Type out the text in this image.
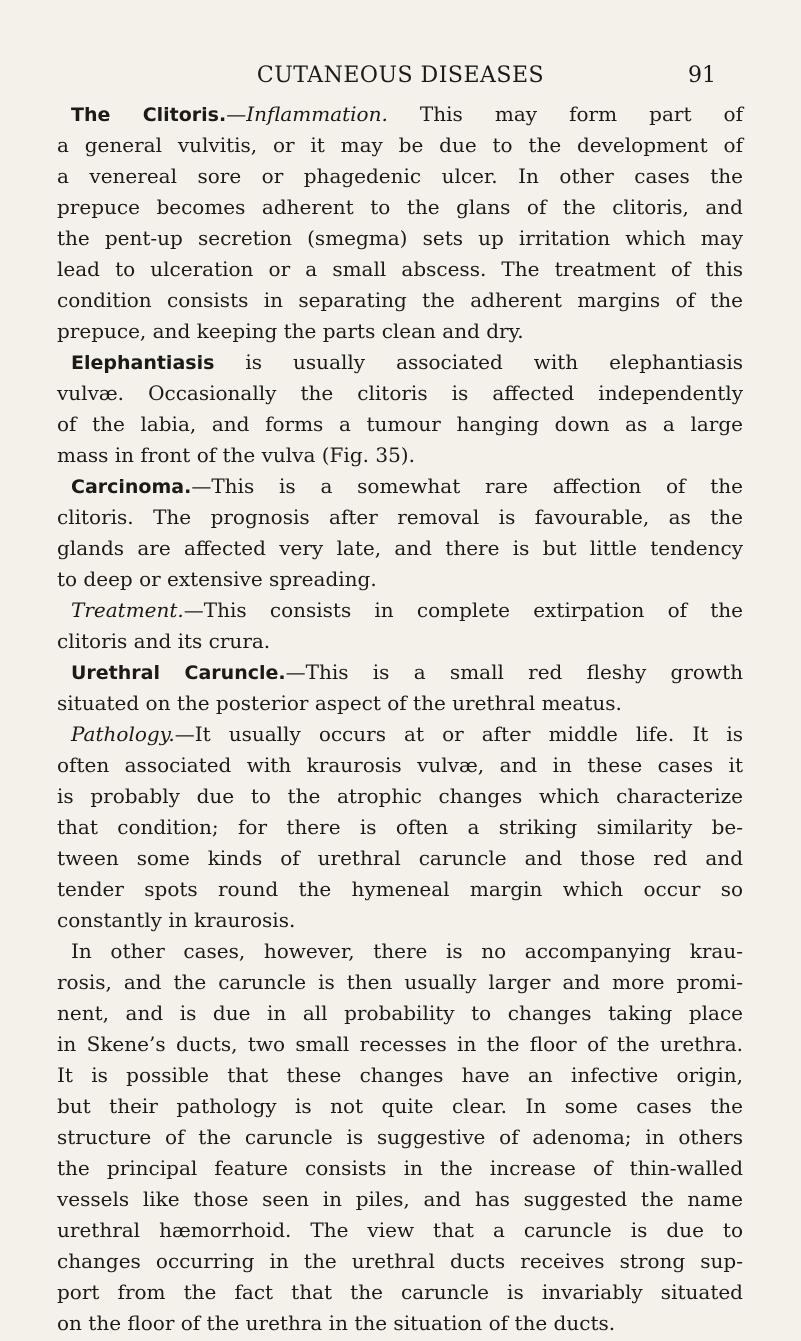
CUTANEOUS DISEASES	91
The Clitoris.—Inflammation. This may form part of
a general vulvitis, or it may be due to the development of
a venereal sore or phagedenic ulcer. In other cases the
prepuce becomes adherent to the glans of the clitoris, and
the pent-up secretion (smegma) sets up irritation which may
lead to ulceration or a small abscess. The treatment of this
condition consists in separating the adherent margins of the
prepuce, and keeping the parts clean and dry.
Elephantiasis is usually associated with elephantiasis
vulvæ. Occasionally the clitoris is affected independently
of the labia, and forms a tumour hanging down as a large
mass in front of the vulva (Fig. 35).
Carcinoma.—This is a somewhat rare affection of the
clitoris. The prognosis after removal is favourable, as the
glands are affected very late, and there is but little tendency
to deep or extensive spreading.
Treatment.—This consists in complete extirpation of the
clitoris and its crura.
Urethral Caruncle.—This is a small red fleshy growth
situated on the posterior aspect of the urethral meatus.
Pathology.—It usually occurs at or after middle life. It is
often associated with kraurosis vulvæ, and in these cases it
is probably due to the atrophic changes which characterize
that condition; for there is often a striking similarity be-
tween some kinds of urethral caruncle and those red and
tender spots round the hymeneal margin which occur so
constantly in kraurosis.
In other cases, however, there is no accompanying krau-
rosis, and the caruncle is then usually larger and more promi-
nent, and is due in all probability to changes taking place
in Skene’s ducts, two small recesses in the floor of the urethra.
It is possible that these changes have an infective origin,
but their pathology is not quite clear. In some cases the
structure of the caruncle is suggestive of adenoma; in others
the principal feature consists in the increase of thin-walled
vessels like those seen in piles, and has suggested the name
urethral hæmorrhoid. The view that a caruncle is due to
changes occurring in the urethral ducts receives strong sup-
port from the fact that the caruncle is invariably situated
on the floor of the urethra in the situation of the ducts.
